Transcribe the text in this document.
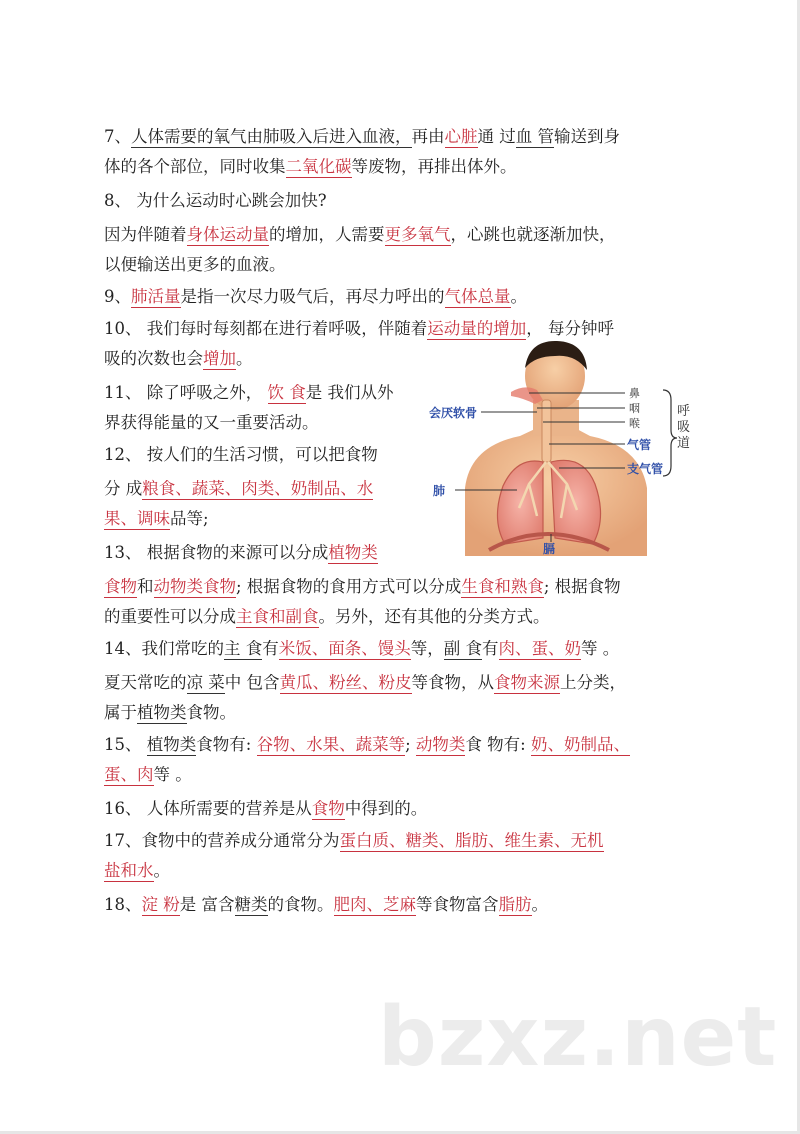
7、人体需要的氧气由肺吸入后进入血液，再由心脏通 过血 管输送到身
体的各个部位，同时收集二氧化碳等废物，再排出体外。
8、 为什么运动时心跳会加快?
因为伴随着身体运动量的增加，人需要更多氧气，心跳也就逐渐加快，
以便输送出更多的血液。
9、肺活量是指一次尽力吸气后，再尽力呼出的气体总量。
10、 我们每时每刻都在进行着呼吸，伴随着运动量的增加， 每分钟呼
吸的次数也会增加。
11、 除了呼吸之外， 饮 食是 我们从外
界获得能量的又一重要活动。
12、 按人们的生活习惯，可以把食物
分 成粮食、蔬菜、肉类、奶制品、水
果、调味品等;
13、 根据食物的来源可以分成植物类
食物和动物类食物; 根据食物的食用方式可以分成生食和熟食; 根据食物
的重要性可以分成主食和副食。另外，还有其他的分类方式。
14、我们常吃的主 食有米饭、面条、馒头等，副 食有肉、蛋、奶等 。
夏天常吃的凉 菜中 包含黄瓜、粉丝、粉皮等食物，从食物来源上分类，
属于植物类食物。
15、 植物类食物有: 谷物、水果、蔬菜等; 动物类食 物有: 奶、奶制品、
蛋、肉等 。
16、 人体所需要的营养是从食物中得到的。
17、食物中的营养成分通常分为蛋白质、糖类、脂肪、维生素、无机
盐和水。
18、淀 粉是 富含糖类的食物。肥肉、芝麻等食物富含脂肪。
鼻
咽
喉
气管
支气管
会厌软骨
肺
膈
呼吸道
bzxz.net
